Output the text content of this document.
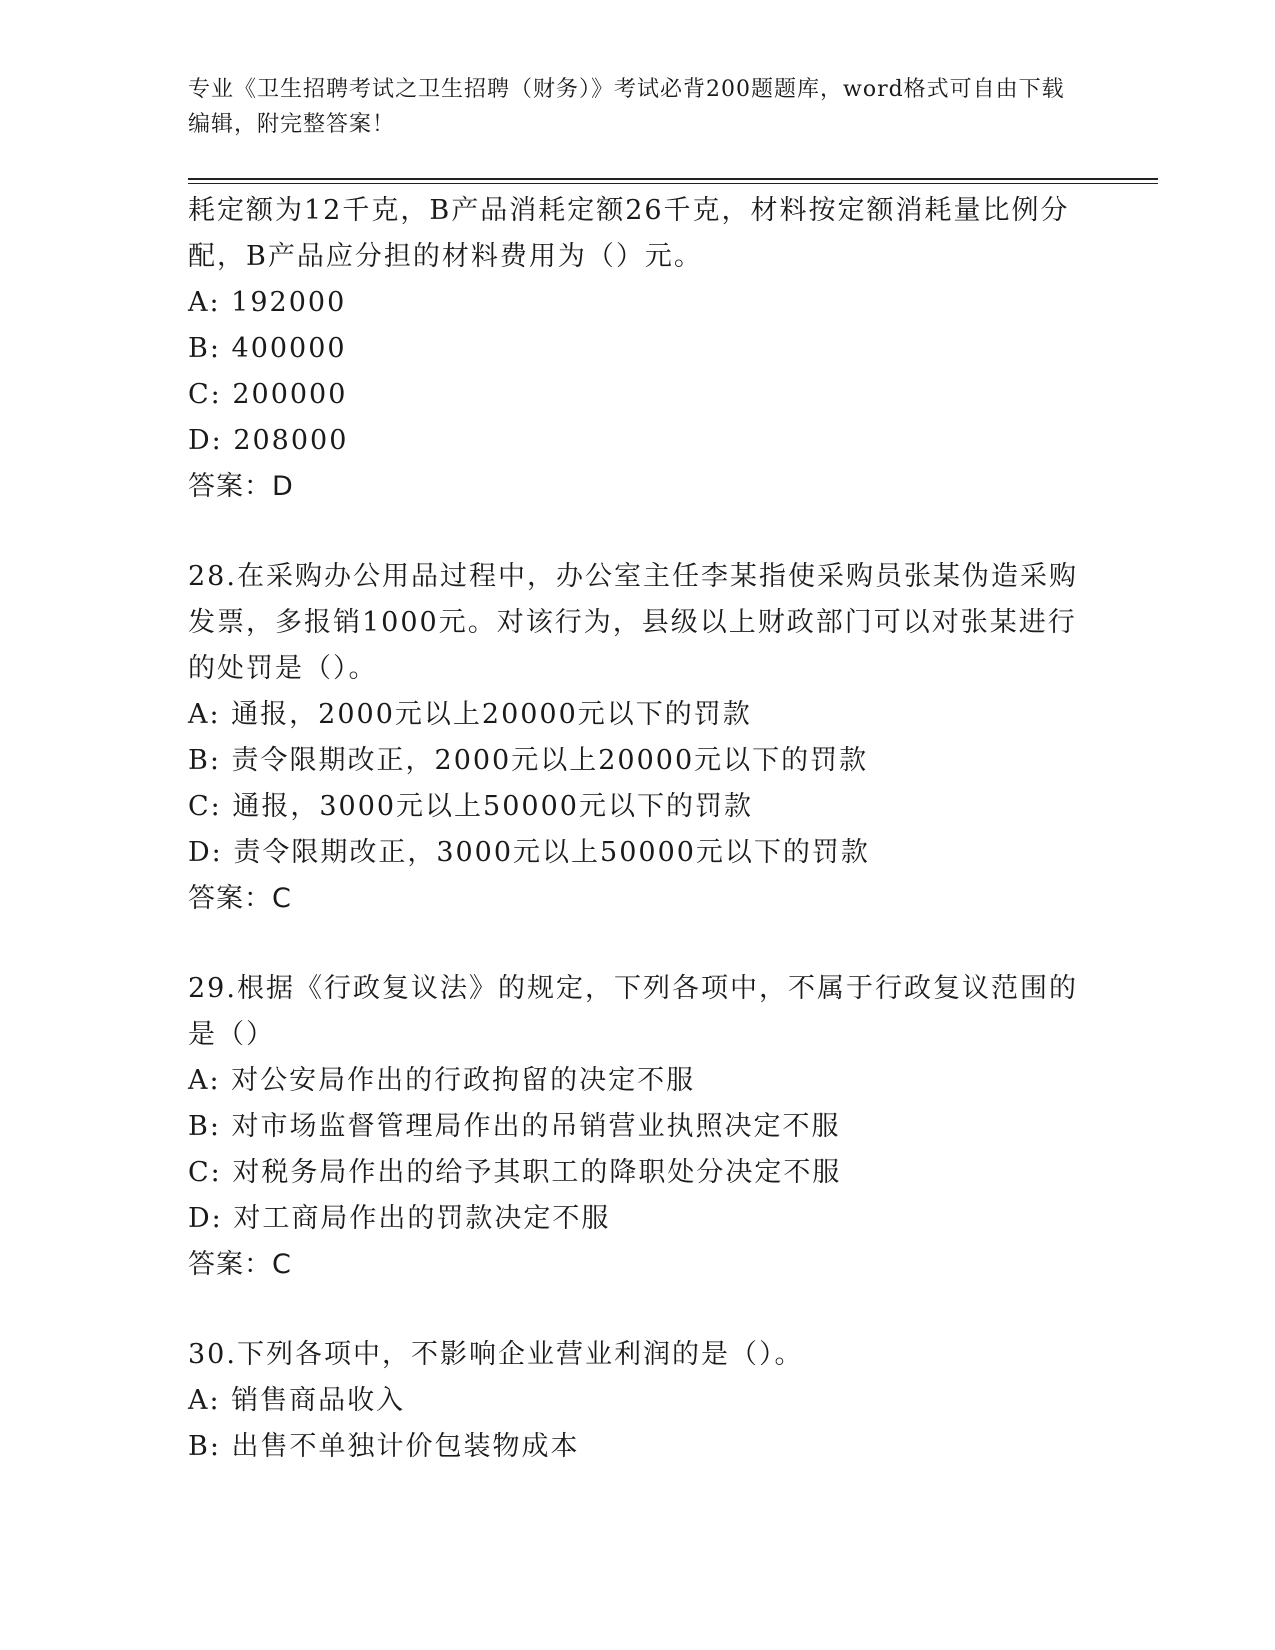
专业《卫生招聘考试之卫生招聘（财务）》考试必背200题题库，word格式可自由下载编辑，附完整答案！

耗定额为12千克，B产品消耗定额26千克，材料按定额消耗量比例分配，B产品应分担的材料费用为（）元。

A: 192000

B: 400000

C: 200000

D: 208000

答案：D

28.在采购办公用品过程中，办公室主任李某指使采购员张某伪造采购发票，多报销1000元。对该行为，县级以上财政部门可以对张某进行的处罚是（）。

A: 通报，2000元以上20000元以下的罚款

B: 责令限期改正，2000元以上20000元以下的罚款

C: 通报，3000元以上50000元以下的罚款

D: 责令限期改正，3000元以上50000元以下的罚款

答案：C

29.根据《行政复议法》的规定，下列各项中，不属于行政复议范围的是（）

A: 对公安局作出的行政拘留的决定不服

B: 对市场监督管理局作出的吊销营业执照决定不服

C: 对税务局作出的给予其职工的降职处分决定不服

D: 对工商局作出的罚款决定不服

答案：C

30.下列各项中，不影响企业营业利润的是（）。

A: 销售商品收入

B: 出售不单独计价包装物成本
